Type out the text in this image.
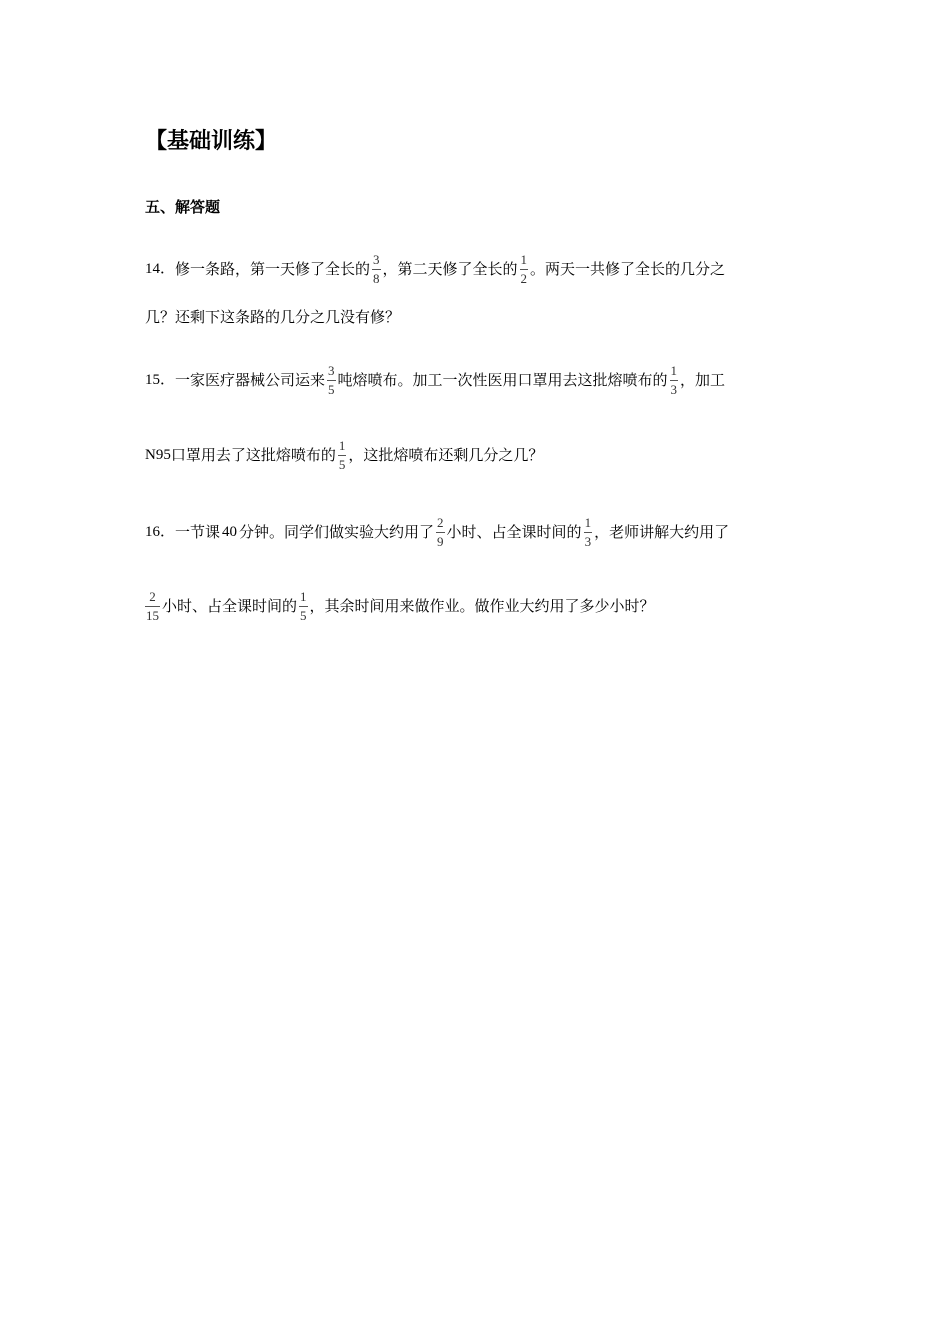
【基础训练】
五、解答题
14 ． 修一条路，第一天修了全长的 $\frac{3}{8}$ ，第二天修了全长的 $\frac{1}{2}$ 。两天一共修了全长的几分之
几？还剩下这条路的几分之几没有修？
15 ． 一家医疗器械公司运来 $\frac{3}{5}$ 吨熔喷布。加工一次性医用口罩用去这批熔喷布的 $\frac{1}{3}$ ，加工
N95 口罩用去了这批熔喷布的 $\frac{1}{5}$ ，这批熔喷布还剩几分之几？
16 ． 一节课 40 分钟。同学们做实验大约用了 $\frac{2}{9}$ 小时、占全课时间的 $\frac{1}{3}$ ，老师讲解大约用了
$\frac{2}{15}$ 小时、占全课时间的 $\frac{1}{5}$ ，其余时间用来做作业。做作业大约用了多少小时？
